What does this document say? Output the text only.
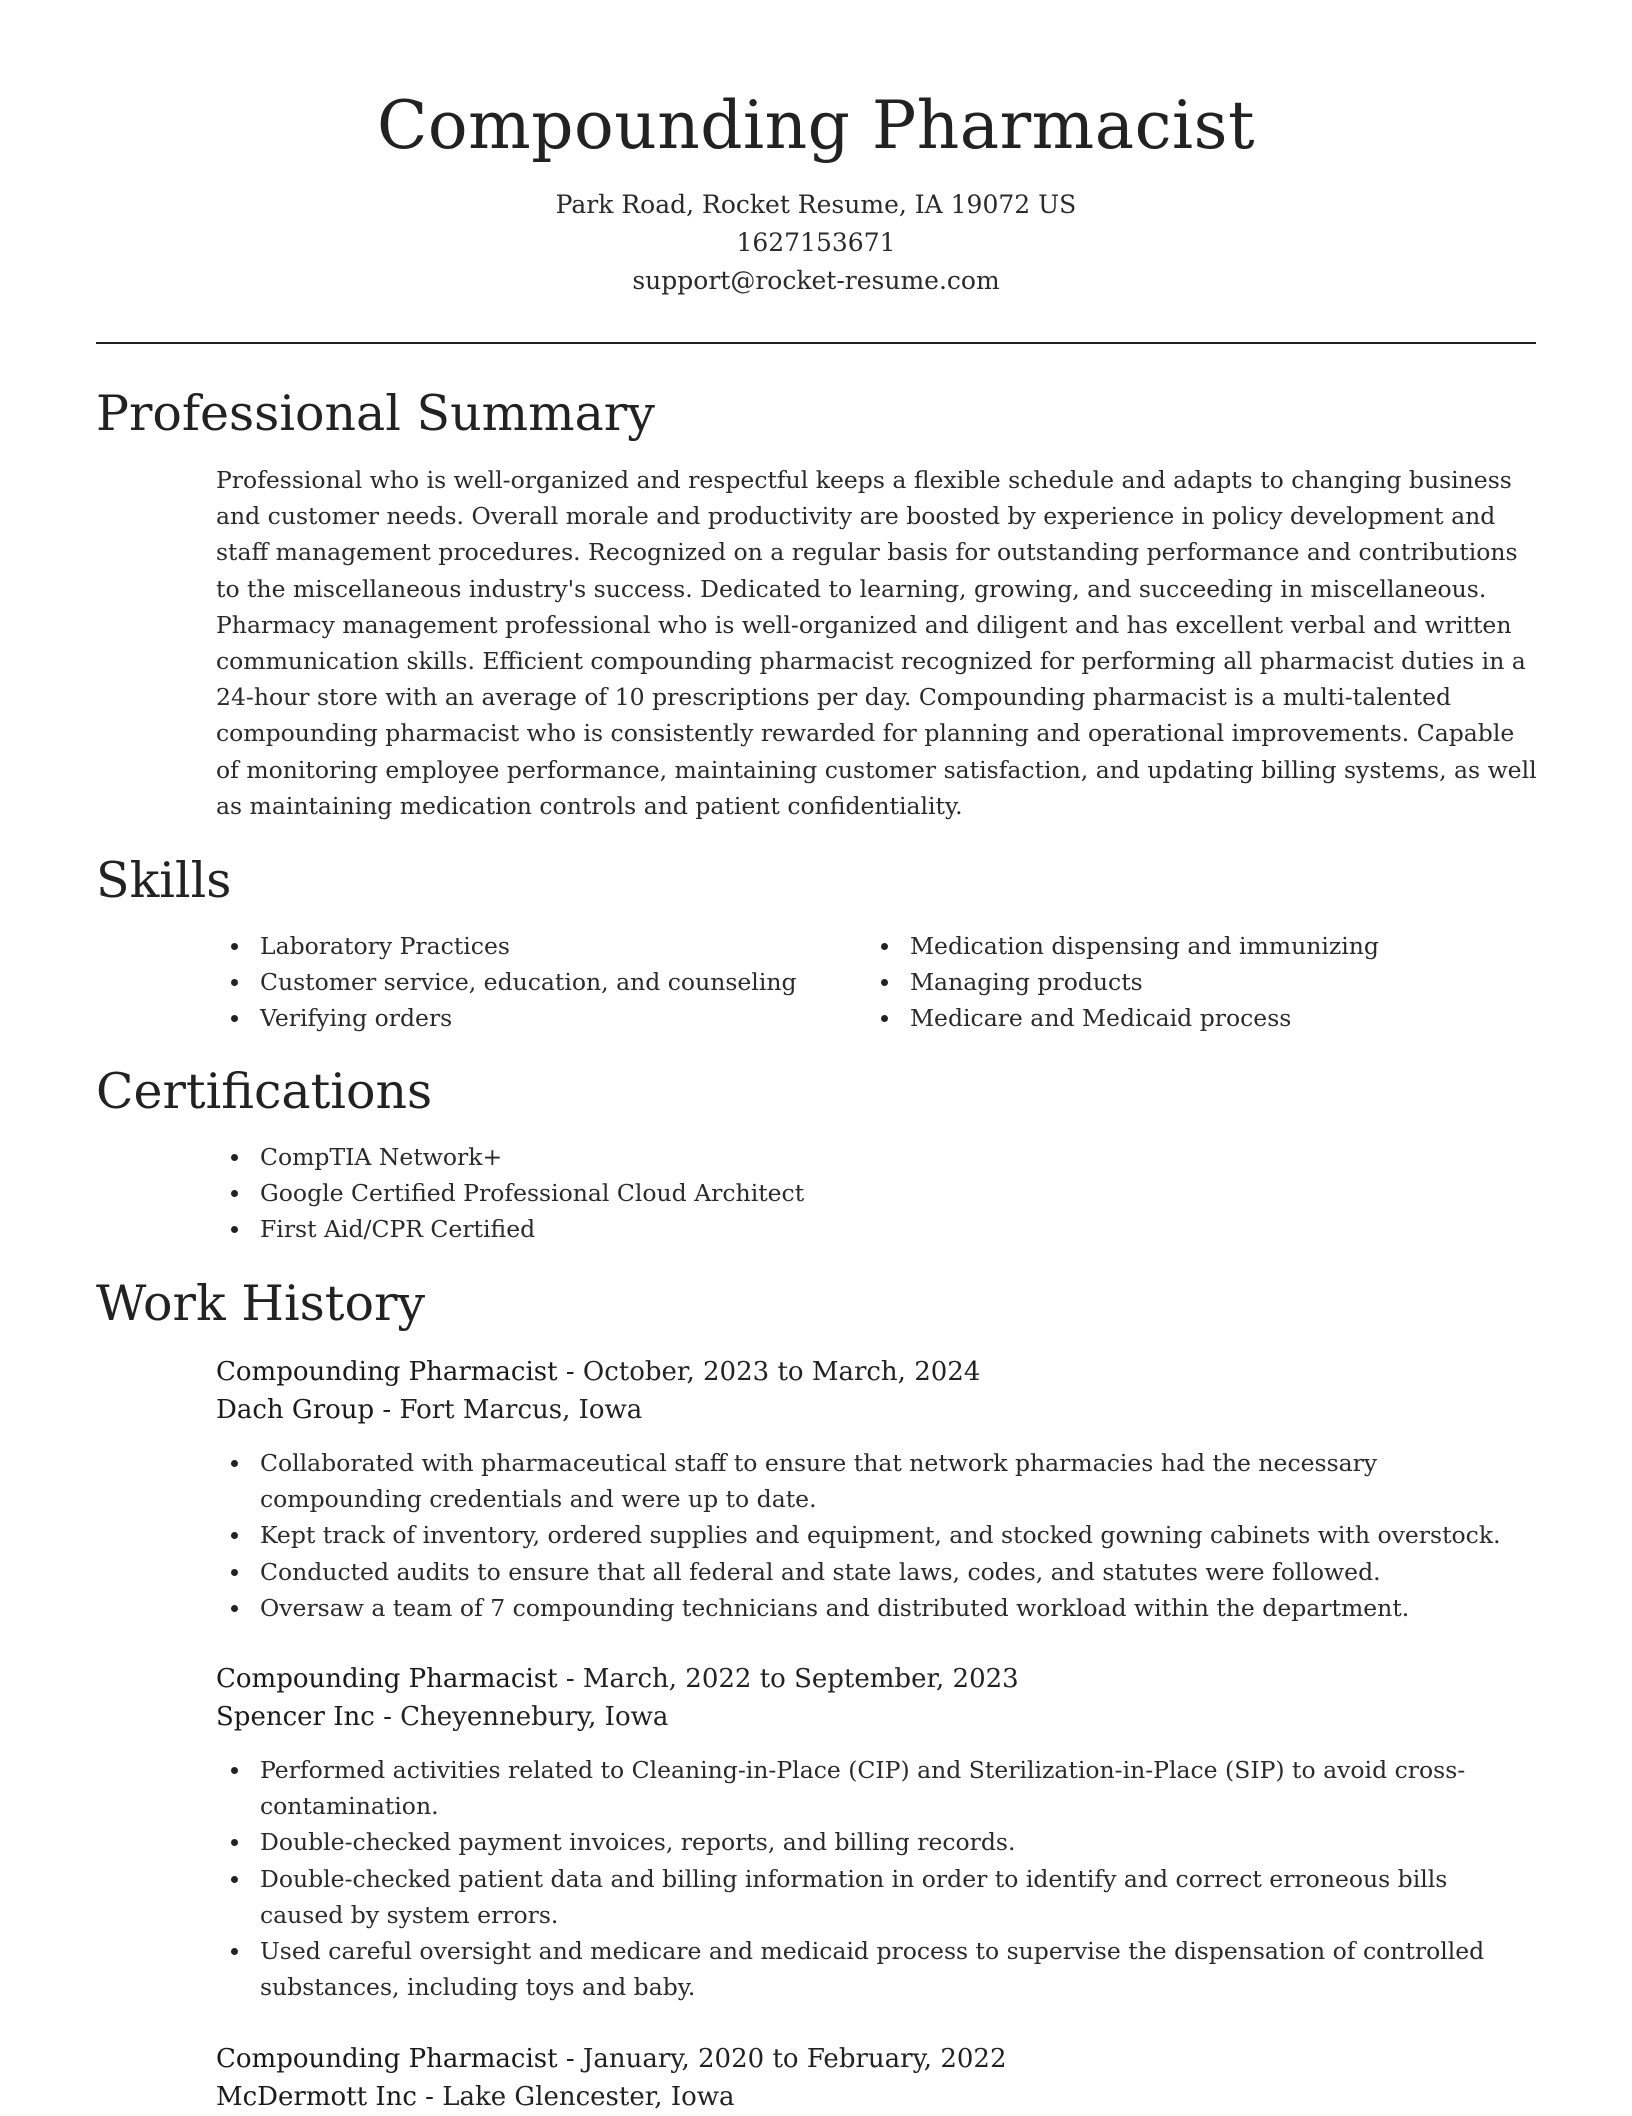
Compounding Pharmacist

Park Road, Rocket Resume, IA 19072 US

1627153671

support@rocket-resume.com

Professional Summary

Professional who is well-organized and respectful keeps a flexible schedule and adapts to changing business and customer needs. Overall morale and productivity are boosted by experience in policy development and staff management procedures. Recognized on a regular basis for outstanding performance and contributions to the miscellaneous industry's success. Dedicated to learning, growing, and succeeding in miscellaneous. Pharmacy management professional who is well-organized and diligent and has excellent verbal and written communication skills. Efficient compounding pharmacist recognized for performing all pharmacist duties in a 24-hour store with an average of 10 prescriptions per day. Compounding pharmacist is a multi-talented compounding pharmacist who is consistently rewarded for planning and operational improvements. Capable of monitoring employee performance, maintaining customer satisfaction, and updating billing systems, as well as maintaining medication controls and patient confidentiality.

Skills
Laboratory Practices
Customer service, education, and counseling
Verifying orders
Medication dispensing and immunizing
Managing products
Medicare and Medicaid process
Certifications
CompTIA Network+
Google Certified Professional Cloud Architect
First Aid/CPR Certified
Work History

Compounding Pharmacist - October, 2023 to March, 2024

Dach Group - Fort Marcus, Iowa

Collaborated with pharmaceutical staff to ensure that network pharmacies had the necessary compounding credentials and were up to date.
Kept track of inventory, ordered supplies and equipment, and stocked gowning cabinets with overstock.
Conducted audits to ensure that all federal and state laws, codes, and statutes were followed.
Oversaw a team of 7 compounding technicians and distributed workload within the department.

Compounding Pharmacist - March, 2022 to September, 2023

Spencer Inc - Cheyennebury, Iowa

Performed activities related to Cleaning-in-Place (CIP) and Sterilization-in-Place (SIP) to avoid cross-contamination.
Double-checked payment invoices, reports, and billing records.
Double-checked patient data and billing information in order to identify and correct erroneous bills caused by system errors.
Used careful oversight and medicare and medicaid process to supervise the dispensation of controlled substances, including toys and baby.

Compounding Pharmacist - January, 2020 to February, 2022

McDermott Inc - Lake Glencester, Iowa
